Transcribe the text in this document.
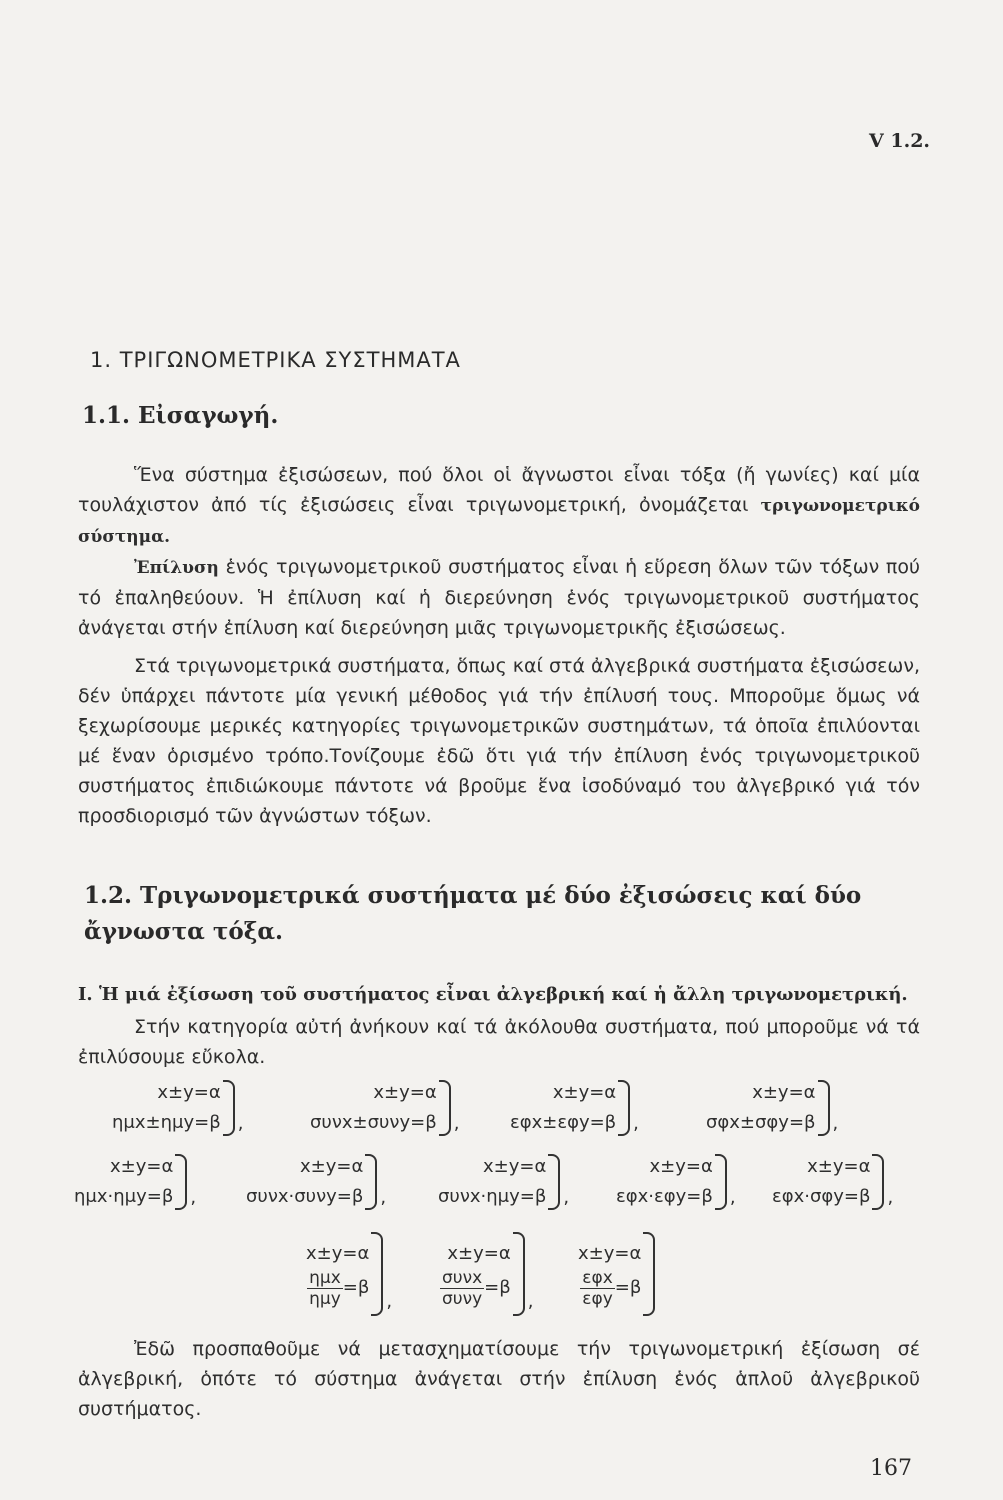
V 1.2.
1. ΤΡΙΓΩΝΟΜΕΤΡΙΚΑ ΣΥΣΤΗΜΑΤΑ
1.1. Εἰσαγωγή.

Ἕνα σύστημα ἐξισώσεων, πού ὅλοι οἱ ἄγνωστοι εἶναι τόξα (ἤ γωνίες) καί μία τουλάχιστον ἀπό τίς ἐξισώσεις εἶναι τριγωνομετρική, ὀνομάζεται τριγωνομετρικό σύστημα.

Ἐπίλυση ἑνός τριγωνομετρικοῦ συστήματος εἶναι ἡ εὕρεση ὅλων τῶν τόξων πού τό ἐπαληθεύουν. Ἡ ἐπίλυση καί ἡ διερεύνηση ἑνός τριγωνομετρικοῦ συστήματος ἀνάγεται στήν ἐπίλυση καί διερεύνηση μιᾶς τριγωνομετρικῆς ἐξισώσεως.

Στά τριγωνομετρικά συστήματα, ὅπως καί στά ἀλγεβρικά συστήματα ἐξισώσεων, δέν ὑπάρχει πάντοτε μία γενική μέθοδος γιά τήν ἐπίλυσή τους. Μποροῦμε ὅμως νά ξεχωρίσουμε μερικές κατηγορίες τριγωνομετρικῶν συστημάτων, τά ὁποῖα ἐπιλύονται μέ ἕναν ὁρισμένο τρόπο.Τονίζουμε ἐδῶ ὅτι γιά τήν ἐπίλυση ἑνός τριγωνομετρικοῦ συστήματος ἐπιδιώκουμε πάντοτε νά βροῦμε ἕνα ἰσοδύναμό του ἀλγεβρικό γιά τόν προσδιορισμό τῶν ἀγνώστων τόξων.

1.2. Τριγωνομετρικά συστήματα μέ δύο ἐξισώσεις καί δύο ἄγνωστα τόξα.
I. Ἡ μιά ἐξίσωση τοῦ συστήματος εἶναι ἀλγεβρική καί ἡ ἄλλη τριγωνομετρική.

Στήν κατηγορία αὐτή ἀνήκουν καί τά ἀκόλουθα συστήματα, πού μποροῦμε νά τά ἐπιλύσουμε εὔκολα.

x±y=α
ημx±ημy=β ,
x±y=α
συνx±συνy=β ,
x±y=α
εφx±εφy=β ,
x±y=α
σφx±σφy=β ,
x±y=α
ημx·ημy=β ,
x±y=α
συνx·συνy=β ,
x±y=α
συνx·ημy=β ,
x±y=α
εφx·εφy=β ,
x±y=α
εφx·σφy=β ,
x±y=α
$\frac{\text{ημx}}{\text{ημy}} =\beta$
,
x±y=α
$\frac{\text{συνx}}{\text{συνy}} =\beta$
,
x±y=α
$\frac{\text{εφx}}{\text{εφy}} =\beta$

Ἐδῶ προσπαθοῦμε νά μετασχηματίσουμε τήν τριγωνομετρική ἐξίσωση σέ ἀλγεβρική, ὁπότε τό σύστημα ἀνάγεται στήν ἐπίλυση ἑνός ἁπλοῦ ἀλγεβρικοῦ συστήματος.

167
